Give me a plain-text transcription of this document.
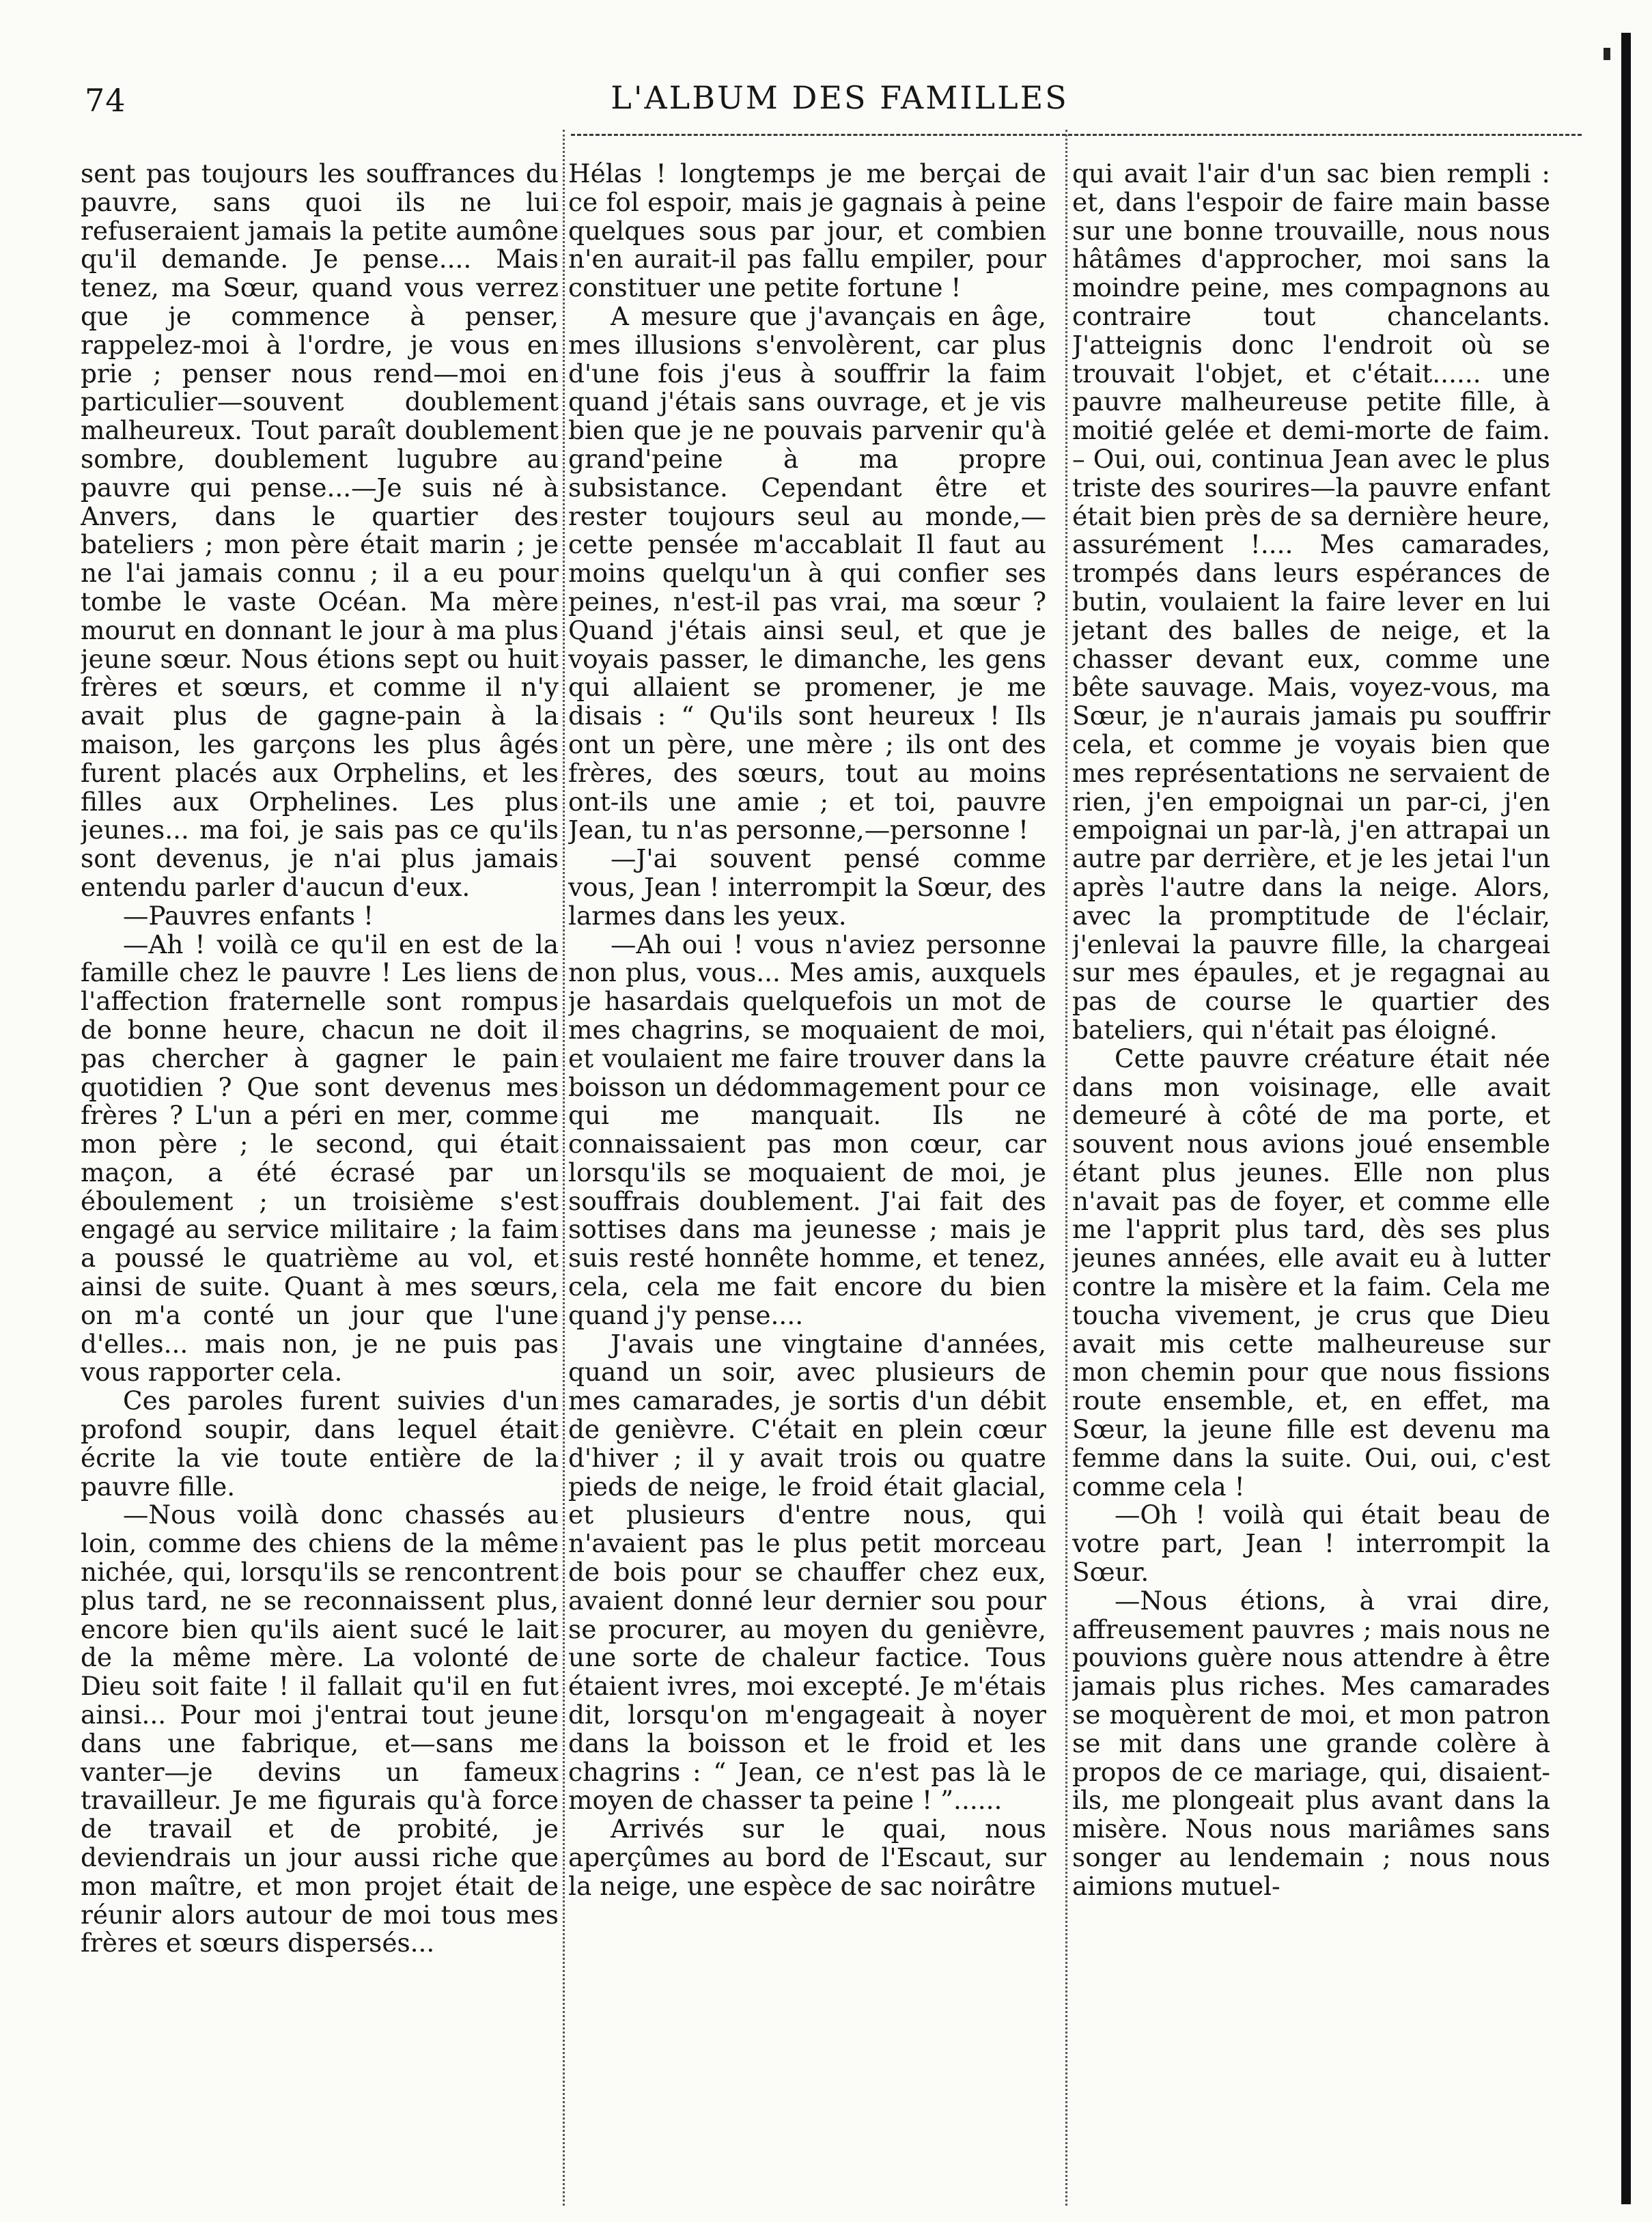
74	L'ALBUM DES FAMILLES

sent pas toujours les souffrances du pauvre, sans quoi ils ne lui refuseraient jamais la petite aumône qu'il demande. Je pense.... Mais tenez, ma Sœur, quand vous verrez que je commence à penser, rappelez-moi à l'ordre, je vous en prie ; penser nous rend—moi en particulier—souvent doublement malheureux. Tout paraît doublement sombre, doublement lugubre au pauvre qui pense...—Je suis né à Anvers, dans le quartier des bateliers ; mon père était marin ; je ne l'ai jamais connu ; il a eu pour tombe le vaste Océan. Ma mère mourut en donnant le jour à ma plus jeune sœur. Nous étions sept ou huit frères et sœurs, et comme il n'y avait plus de gagne-pain à la maison, les garçons les plus âgés furent placés aux Orphelins, et les filles aux Orphelines. Les plus jeunes... ma foi, je sais pas ce qu'ils sont devenus, je n'ai plus jamais entendu parler d'aucun d'eux.

—Pauvres enfants !

—Ah ! voilà ce qu'il en est de la famille chez le pauvre ! Les liens de l'affection fraternelle sont rompus de bonne heure, chacun ne doit il pas chercher à gagner le pain quotidien ? Que sont devenus mes frères ? L'un a péri en mer, comme mon père ; le second, qui était maçon, a été écrasé par un éboulement ; un troisième s'est engagé au service militaire ; la faim a poussé le quatrième au vol, et ainsi de suite. Quant à mes sœurs, on m'a conté un jour que l'une d'elles... mais non, je ne puis pas vous rapporter cela.

Ces paroles furent suivies d'un profond soupir, dans lequel était écrite la vie toute entière de la pauvre fille.

—Nous voilà donc chassés au loin, comme des chiens de la même nichée, qui, lorsqu'ils se rencontrent plus tard, ne se reconnaissent plus, encore bien qu'ils aient sucé le lait de la même mère. La volonté de Dieu soit faite ! il fallait qu'il en fut ainsi... Pour moi j'entrai tout jeune dans une fabrique, et—sans me vanter—je devins un fameux travailleur. Je me figurais qu'à force de travail et de probité, je deviendrais un jour aussi riche que mon maître, et mon projet était de réunir alors autour de moi tous mes frères et sœurs dispersés...

Hélas ! longtemps je me berçai de ce fol espoir, mais je gagnais à peine quelques sous par jour, et combien n'en aurait-il pas fallu empiler, pour constituer une petite fortune !

A mesure que j'avançais en âge, mes illusions s'envolèrent, car plus d'une fois j'eus à souffrir la faim quand j'étais sans ouvrage, et je vis bien que je ne pouvais parvenir qu'à grand'peine à ma propre subsistance. Cependant être et rester toujours seul au monde,—cette pensée m'accablait Il faut au moins quelqu'un à qui confier ses peines, n'est-il pas vrai, ma sœur ? Quand j'étais ainsi seul, et que je voyais passer, le dimanche, les gens qui allaient se promener, je me disais : “ Qu'ils sont heureux ! Ils ont un père, une mère ; ils ont des frères, des sœurs, tout au moins ont-ils une amie ; et toi, pauvre Jean, tu n'as personne,—personne !

—J'ai souvent pensé comme vous, Jean ! interrompit la Sœur, des larmes dans les yeux.

—Ah oui ! vous n'aviez personne non plus, vous... Mes amis, auxquels je hasardais quelquefois un mot de mes chagrins, se moquaient de moi, et voulaient me faire trouver dans la boisson un dédommagement pour ce qui me manquait. Ils ne connaissaient pas mon cœur, car lorsqu'ils se moquaient de moi, je souffrais doublement. J'ai fait des sottises dans ma jeunesse ; mais je suis resté honnête homme, et tenez, cela, cela me fait encore du bien quand j'y pense....

J'avais une vingtaine d'années, quand un soir, avec plusieurs de mes camarades, je sortis d'un débit de genièvre. C'était en plein cœur d'hiver ; il y avait trois ou quatre pieds de neige, le froid était glacial, et plusieurs d'entre nous, qui n'avaient pas le plus petit morceau de bois pour se chauffer chez eux, avaient donné leur dernier sou pour se procurer, au moyen du genièvre, une sorte de chaleur factice. Tous étaient ivres, moi excepté. Je m'étais dit, lorsqu'on m'engageait à noyer dans la boisson et le froid et les chagrins : “ Jean, ce n'est pas là le moyen de chasser ta peine ! ”......

Arrivés sur le quai, nous aperçûmes au bord de l'Escaut, sur la neige, une espèce de sac noirâtre

qui avait l'air d'un sac bien rempli : et, dans l'espoir de faire main basse sur une bonne trouvaille, nous nous hâtâmes d'approcher, moi sans la moindre peine, mes compagnons au contraire tout chancelants. J'atteignis donc l'endroit où se trouvait l'objet, et c'était...... une pauvre malheureuse petite fille, à moitié gelée et demi-morte de faim. – Oui, oui, continua Jean avec le plus triste des sourires—la pauvre enfant était bien près de sa dernière heure, assurément !.... Mes camarades, trompés dans leurs espérances de butin, voulaient la faire lever en lui jetant des balles de neige, et la chasser devant eux, comme une bête sauvage. Mais, voyez-vous, ma Sœur, je n'aurais jamais pu souffrir cela, et comme je voyais bien que mes représentations ne servaient de rien, j'en empoignai un par-ci, j'en empoignai un par-là, j'en attrapai un autre par derrière, et je les jetai l'un après l'autre dans la neige. Alors, avec la promptitude de l'éclair, j'enlevai la pauvre fille, la chargeai sur mes épaules, et je regagnai au pas de course le quartier des bateliers, qui n'était pas éloigné.

Cette pauvre créature était née dans mon voisinage, elle avait demeuré à côté de ma porte, et souvent nous avions joué ensemble étant plus jeunes. Elle non plus n'avait pas de foyer, et comme elle me l'apprit plus tard, dès ses plus jeunes années, elle avait eu à lutter contre la misère et la faim. Cela me toucha vivement, je crus que Dieu avait mis cette malheureuse sur mon chemin pour que nous fissions route ensemble, et, en effet, ma Sœur, la jeune fille est devenu ma femme dans la suite. Oui, oui, c'est comme cela !

—Oh ! voilà qui était beau de votre part, Jean ! interrompit la Sœur.

—Nous étions, à vrai dire, affreusement pauvres ; mais nous ne pouvions guère nous attendre à être jamais plus riches. Mes camarades se moquèrent de moi, et mon patron se mit dans une grande colère à propos de ce mariage, qui, disaient-ils, me plongeait plus avant dans la misère. Nous nous mariâmes sans songer au lendemain ; nous nous aimions mutuel-
